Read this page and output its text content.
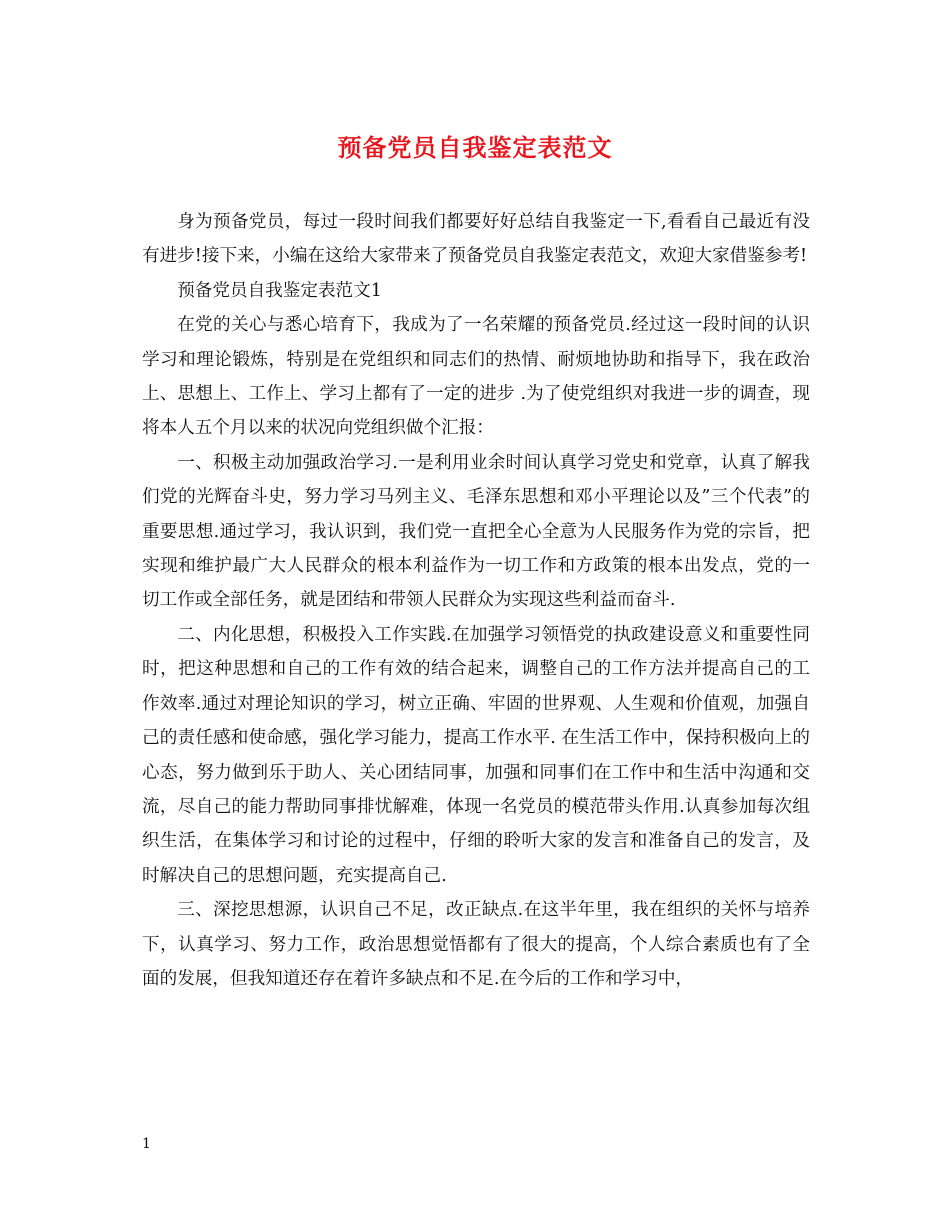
预备党员自我鉴定表范文

身为预备党员，每过一段时间我们都要好好总结自我鉴定一下,看看自己最近有没有进步!接下来，小编在这给大家带来了预备党员自我鉴定表范文，欢迎大家借鉴参考!

预备党员自我鉴定表范文1

在党的关心与悉心培育下，我成为了一名荣耀的预备党员.经过这一段时间的认识学习和理论锻炼，特别是在党组织和同志们的热情、耐烦地协助和指导下，我在政治上、思想上、工作上、学习上都有了一定的进步 .为了使党组织对我进一步的调查，现将本人五个月以来的状况向党组织做个汇报：

一、积极主动加强政治学习.一是利用业余时间认真学习党史和党章，认真了解我们党的光辉奋斗史，努力学习马列主义、毛泽东思想和邓小平理论以及”三个代表”的重要思想.通过学习，我认识到，我们党一直把全心全意为人民服务作为党的宗旨，把实现和维护最广大人民群众的根本利益作为一切工作和方政策的根本出发点，党的一切工作或全部任务，就是团结和带领人民群众为实现这些利益而奋斗.

二、内化思想，积极投入工作实践.在加强学习领悟党的执政建设意义和重要性同时，把这种思想和自己的工作有效的结合起来，调整自己的工作方法并提高自己的工作效率.通过对理论知识的学习，树立正确、牢固的世界观、人生观和价值观，加强自己的责任感和使命感，强化学习能力，提高工作水平. 在生活工作中，保持积极向上的心态，努力做到乐于助人、关心团结同事，加强和同事们在工作中和生活中沟通和交流，尽自己的能力帮助同事排忧解难，体现一名党员的模范带头作用.认真参加每次组织生活，在集体学习和讨论的过程中，仔细的聆听大家的发言和准备自己的发言，及时解决自己的思想问题，充实提高自己.

三、深挖思想源，认识自己不足，改正缺点.在这半年里，我在组织的关怀与培养下，认真学习、努力工作，政治思想觉悟都有了很大的提高，个人综合素质也有了全面的发展，但我知道还存在着许多缺点和不足.在今后的工作和学习中，

1
